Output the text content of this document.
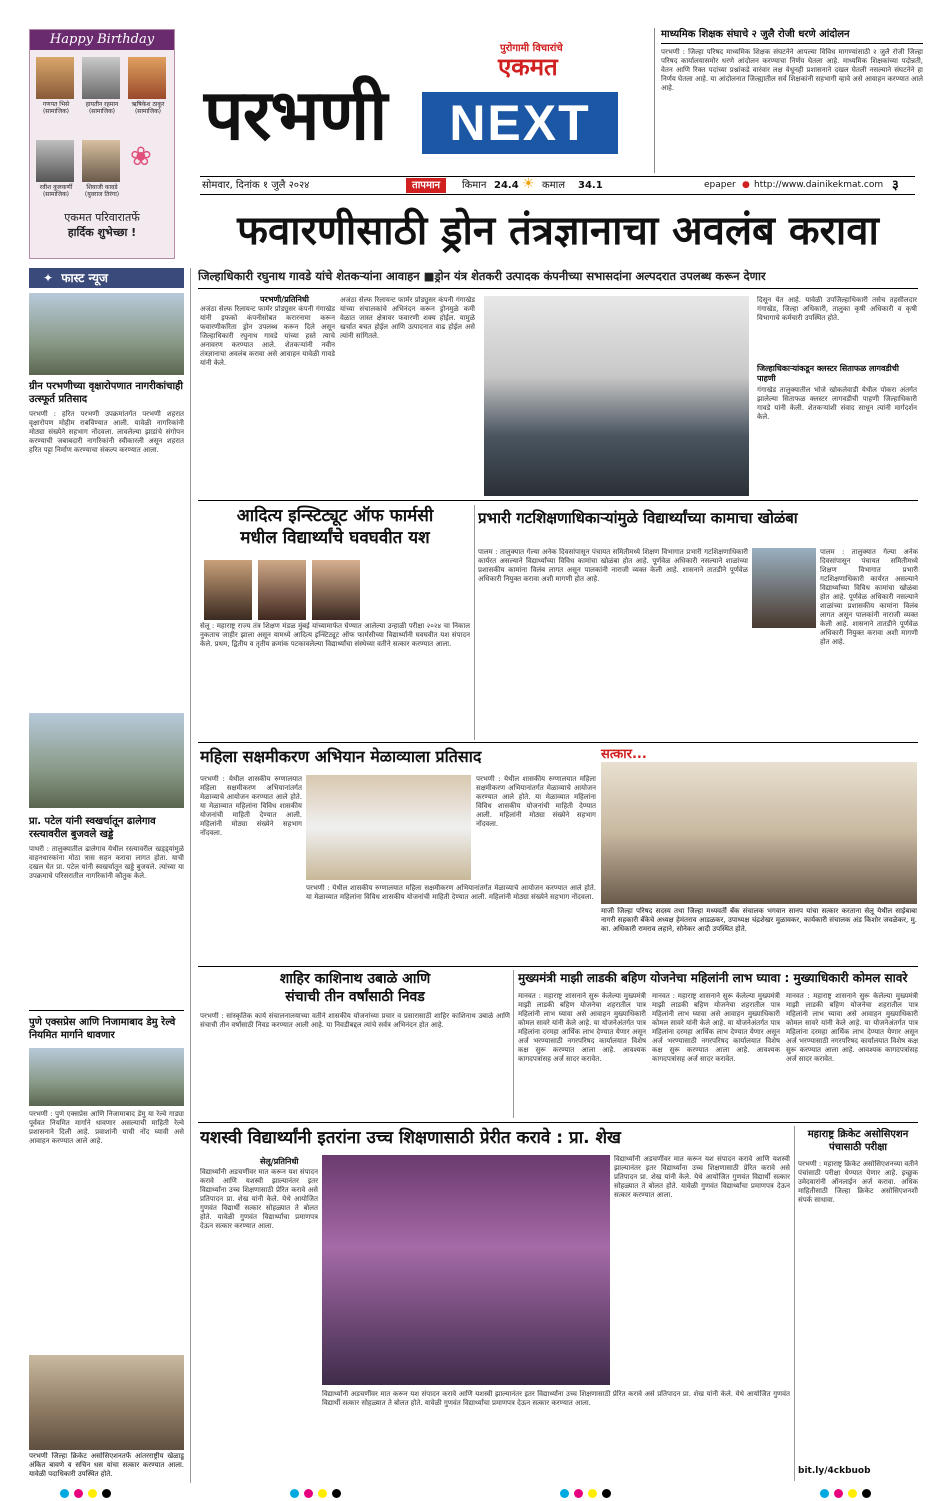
Happy Birthday
गणपत भिसे
(सामाजिक)
हायतीन रहमान
(सामाजिक)
ऋषिकेश ठाकूर
(सामाजिक)
❀
रवीश कुलकर्णी
(सामाजिक)
शिवाजी कावडे
(युवराज तिरंगा)
एकमत परिवारातर्फे
हार्दिक शुभेच्छा !
परभणी	NEXT
पुरोगामी विचारांचे
एकमत
सोमवार, दिनांक १ जुलै २०२४	तापमान	किमान 24.4 ☀ कमाल 34.1	epaper ● http://www.dainikekmat.com ३
माध्यमिक शिक्षक संघाचे २ जुलै रोजी धरणे आंदोलन
परभणी : जिल्हा परिषद माध्यमिक शिक्षक संघटनेने आपल्या विविध मागण्यांसाठी २ जुलै रोजी जिल्हा परिषद कार्यालयासमोर धरणे आंदोलन करण्याचा निर्णय घेतला आहे. माध्यमिक शिक्षकांच्या पदोन्नती, वेतन आणि रिक्त पदांच्या प्रश्नांकडे वारंवार लक्ष वेधूनही प्रशासनाने दखल घेतली नसल्याने संघटनेने हा निर्णय घेतला आहे. या आंदोलनात जिल्ह्यातील सर्व शिक्षकांनी सहभागी व्हावे असे आवाहन करण्यात आले आहे.
फवारणीसाठी ड्रोन तंत्रज्ञानाचा अवलंब करावा
जिल्हाधिकारी रघुनाथ गावडे यांचे शेतकऱ्यांना आवाहन ■ड्रोन यंत्र शेतकरी उत्पादक कंपनीच्या सभासदांना अल्पदरात उपलब्ध करून देणार
परभणी/प्रतिनिधी
अजंठा सेल्फ रिलायन्ट फार्मर प्रोड्युसर कंपनी गंगाखेड यांनी इफको कंपनीसोबत करारनामा करून फवारणीकरिता ड्रोन उपलब्ध करून दिले असून जिल्हाधिकारी रघुनाथ गावडे यांच्या हस्ते त्याचे अनावरण करण्यात आले. शेतकऱ्यांनी नवीन तंत्रज्ञानाचा अवलंब करावा असे आवाहन यावेळी गावडे यांनी केले.
अजंठा सेल्फ रिलायन्ट फार्मर प्रोड्युसर कंपनी गंगाखेड यांच्या संचालकांचे अभिनंदन करून ड्रोनमुळे कमी वेळात जास्त क्षेत्रावर फवारणी शक्य होईल. यामुळे खर्चात बचत होईल आणि उत्पादनात वाढ होईल असे त्यांनी सांगितले.
दिसून येत आहे. यावेळी उपजिल्हाधिकारी तसेच तहसीलदार गंगाखेड, जिल्हा अधिकारी, तालुका कृषी अधिकारी व कृषी विभागाचे कर्मचारी उपस्थित होते.
जिल्हाधिकाऱ्यांकडून क्लस्टर सिताफळ लागवडीची पाहणी
गंगाखेड तालुक्यातील भोजे खोकलेवाडी येथील पोकरा अंतर्गत झालेल्या सिताफळ क्लस्टर लागवडीची पाहणी जिल्हाधिकारी गावडे यांनी केली. शेतकऱ्यांशी संवाद साधून त्यांनी मार्गदर्शन केले.
✦ फास्ट न्यूज
ग्रीन परभणीच्या वृक्षारोपणात नागरीकांचाही उत्स्फूर्त प्रतिसाद
परभणी : हरित परभणी उपक्रमांतर्गत परभणी शहरात वृक्षारोपण मोहीम राबविण्यात आली. यावेळी नागरिकांनी मोठ्या संख्येने सहभाग नोंदवला. लावलेल्या झाडांचे संगोपन करण्याची जबाबदारी नागरिकांनी स्वीकारली असून शहरात हरित पट्टा निर्माण करण्याचा संकल्प करण्यात आला.
प्रा. पटेल यांनी स्वखर्चातून ढालेगाव रस्त्यावरील बुजवले खड्डे
पाथरी : तालुक्यातील ढालेगाव येथील रस्त्यावरील खड्ड्यांमुळे वाहनधारकांना मोठा त्रास सहन करावा लागत होता. याची दखल घेत प्रा. पटेल यांनी स्वखर्चातून खड्डे बुजवले. त्यांच्या या उपक्रमाचे परिसरातील नागरिकांनी कौतुक केले.
पुणे एक्सप्रेस आणि निजामाबाद डेमु रेल्वे नियमित मार्गाने धावणार
परभणी : पुणे एक्सप्रेस आणि निजामाबाद डेमु या रेल्वे गाड्या पूर्ववत नियमित मार्गाने धावणार असल्याची माहिती रेल्वे प्रशासनाने दिली आहे. प्रवाशांनी याची नोंद घ्यावी असे आवाहन करण्यात आले आहे.
परभणी जिल्हा क्रिकेट असोसिएशनतर्फे आंतरराष्ट्रीय खेळाडू अंकित बावणे व सचिन धस यांचा सत्कार करण्यात आला. यावेळी पदाधिकारी उपस्थित होते.
आदित्य इन्स्टिट्यूट ऑफ फार्मसी
मधील विद्यार्थ्यांचे घवघवीत यश
सेलू : महाराष्ट्र राज्य तंत्र शिक्षण मंडळ मुंबई यांच्यामार्फत घेण्यात आलेल्या उन्हाळी परीक्षा २०२४ चा निकाल नुकताच जाहीर झाला असून यामध्ये आदित्य इन्स्टिट्यूट ऑफ फार्मसीच्या विद्यार्थ्यांनी घवघवीत यश संपादन केले. प्रथम, द्वितीय व तृतीय क्रमांक पटकावलेल्या विद्यार्थ्यांचा संस्थेच्या वतीने सत्कार करण्यात आला.
प्रभारी गटशिक्षणाधिकाऱ्यांमुळे विद्यार्थ्यांच्या कामाचा खोळंबा
पालम : तालुक्यात गेल्या अनेक दिवसांपासून पंचायत समितीमध्ये शिक्षण विभागात प्रभारी गटशिक्षणाधिकारी कार्यरत असल्याने विद्यार्थ्यांच्या विविध कामांचा खोळंबा होत आहे. पूर्णवेळ अधिकारी नसल्याने शाळांच्या प्रशासकीय कामांना विलंब लागत असून पालकांनी नाराजी व्यक्त केली आहे. शासनाने तातडीने पूर्णवेळ अधिकारी नियुक्त करावा अशी मागणी होत आहे.
पालम : तालुक्यात गेल्या अनेक दिवसांपासून पंचायत समितीमध्ये शिक्षण विभागात प्रभारी गटशिक्षणाधिकारी कार्यरत असल्याने विद्यार्थ्यांच्या विविध कामांचा खोळंबा होत आहे. पूर्णवेळ अधिकारी नसल्याने शाळांच्या प्रशासकीय कामांना विलंब लागत असून पालकांनी नाराजी व्यक्त केली आहे. शासनाने तातडीने पूर्णवेळ अधिकारी नियुक्त करावा अशी मागणी होत आहे.
महिला सक्षमीकरण अभियान मेळाव्याला प्रतिसाद
परभणी : येथील शासकीय रुग्णालयात महिला सक्षमीकरण अभियानांतर्गत मेळाव्याचे आयोजन करण्यात आले होते. या मेळाव्यात महिलांना विविध शासकीय योजनांची माहिती देण्यात आली. महिलांनी मोठ्या संख्येने सहभाग नोंदवला.
परभणी : येथील शासकीय रुग्णालयात महिला सक्षमीकरण अभियानांतर्गत मेळाव्याचे आयोजन करण्यात आले होते. या मेळाव्यात महिलांना विविध शासकीय योजनांची माहिती देण्यात आली. महिलांनी मोठ्या संख्येने सहभाग नोंदवला.
परभणी : येथील शासकीय रुग्णालयात महिला सक्षमीकरण अभियानांतर्गत मेळाव्याचे आयोजन करण्यात आले होते. या मेळाव्यात महिलांना विविध शासकीय योजनांची माहिती देण्यात आली. महिलांनी मोठ्या संख्येने सहभाग नोंदवला.
सत्कार...
माजी जिल्हा परिषद सदस्य तथा जिल्हा मध्यवर्ती बँक संचालक भगवान सानप यांचा सत्कार करताना सेलू येथील साईबाबा नागरी सहकारी बँकेचे अध्यक्ष हेमंतराव आडळकर, उपाध्यक्ष चंद्रशेखर मुळावकर, कार्यकारी संचालक अंड किशोर जवळेकर, मु. का. अधिकारी रामराव लहाने, सोनेकर आदी उपस्थित होते.
शाहिर काशिनाथ उबाळे आणि
संचाची तीन वर्षांसाठी निवड
परभणी : सांस्कृतिक कार्य संचालनालयाच्या वतीने शासकीय योजनांच्या प्रचार व प्रसारासाठी शाहिर काशिनाथ उबाळे आणि संचाची तीन वर्षांसाठी निवड करण्यात आली आहे. या निवडीबद्दल त्यांचे सर्वत्र अभिनंदन होत आहे.
मुख्यमंत्री माझी लाडकी बहिण योजनेचा महिलांनी लाभ घ्यावा : मुख्याधिकारी कोमल सावरे
मानवत : महाराष्ट्र शासनाने सुरू केलेल्या मुख्यमंत्री माझी लाडकी बहिण योजनेचा शहरातील पात्र महिलांनी लाभ घ्यावा असे आवाहन मुख्याधिकारी कोमल सावरे यांनी केले आहे. या योजनेअंतर्गत पात्र महिलांना दरमहा आर्थिक लाभ देण्यात येणार असून अर्ज भरण्यासाठी नगरपरिषद कार्यालयात विशेष कक्ष सुरू करण्यात आला आहे. आवश्यक कागदपत्रांसह अर्ज सादर करावेत.
मानवत : महाराष्ट्र शासनाने सुरू केलेल्या मुख्यमंत्री माझी लाडकी बहिण योजनेचा शहरातील पात्र महिलांनी लाभ घ्यावा असे आवाहन मुख्याधिकारी कोमल सावरे यांनी केले आहे. या योजनेअंतर्गत पात्र महिलांना दरमहा आर्थिक लाभ देण्यात येणार असून अर्ज भरण्यासाठी नगरपरिषद कार्यालयात विशेष कक्ष सुरू करण्यात आला आहे. आवश्यक कागदपत्रांसह अर्ज सादर करावेत.
मानवत : महाराष्ट्र शासनाने सुरू केलेल्या मुख्यमंत्री माझी लाडकी बहिण योजनेचा शहरातील पात्र महिलांनी लाभ घ्यावा असे आवाहन मुख्याधिकारी कोमल सावरे यांनी केले आहे. या योजनेअंतर्गत पात्र महिलांना दरमहा आर्थिक लाभ देण्यात येणार असून अर्ज भरण्यासाठी नगरपरिषद कार्यालयात विशेष कक्ष सुरू करण्यात आला आहे. आवश्यक कागदपत्रांसह अर्ज सादर करावेत.
यशस्वी विद्यार्थ्यांनी इतरांना उच्च शिक्षणासाठी प्रेरीत करावे : प्रा. शेख
सेलू/प्रतिनिधी
विद्यार्थ्यांनी अडचणींवर मात करून यश संपादन करावे आणि यशस्वी झाल्यानंतर इतर विद्यार्थ्यांना उच्च शिक्षणासाठी प्रेरित करावे असे प्रतिपादन प्रा. शेख यांनी केले. येथे आयोजित गुणवंत विद्यार्थी सत्कार सोहळ्यात ते बोलत होते. यावेळी गुणवंत विद्यार्थ्यांचा प्रमाणपत्र देऊन सत्कार करण्यात आला.
विद्यार्थ्यांनी अडचणींवर मात करून यश संपादन करावे आणि यशस्वी झाल्यानंतर इतर विद्यार्थ्यांना उच्च शिक्षणासाठी प्रेरित करावे असे प्रतिपादन प्रा. शेख यांनी केले. येथे आयोजित गुणवंत विद्यार्थी सत्कार सोहळ्यात ते बोलत होते. यावेळी गुणवंत विद्यार्थ्यांचा प्रमाणपत्र देऊन सत्कार करण्यात आला.
विद्यार्थ्यांनी अडचणींवर मात करून यश संपादन करावे आणि यशस्वी झाल्यानंतर इतर विद्यार्थ्यांना उच्च शिक्षणासाठी प्रेरित करावे असे प्रतिपादन प्रा. शेख यांनी केले. येथे आयोजित गुणवंत विद्यार्थी सत्कार सोहळ्यात ते बोलत होते. यावेळी गुणवंत विद्यार्थ्यांचा प्रमाणपत्र देऊन सत्कार करण्यात आला.
महाराष्ट्र क्रिकेट असोसिएशन पंचासाठी परीक्षा
परभणी : महाराष्ट्र क्रिकेट असोसिएशनच्या वतीने पंचांसाठी परीक्षा घेण्यात येणार आहे. इच्छुक उमेदवारांनी ऑनलाईन अर्ज करावा. अधिक माहितीसाठी जिल्हा क्रिकेट असोसिएशनशी संपर्क साधावा.
bit.ly/4ckbuob
